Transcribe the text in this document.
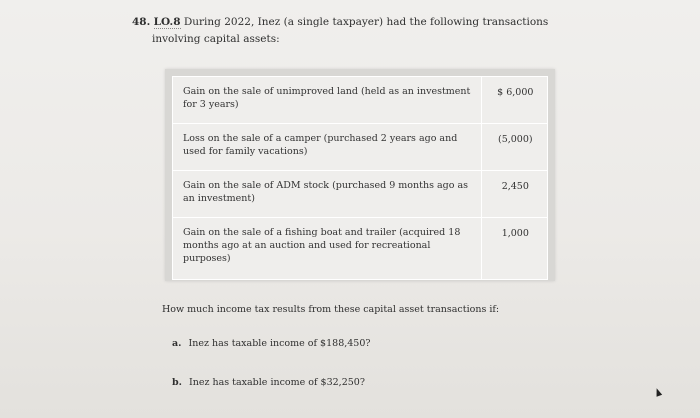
48. LO.8 During 2022, Inez (a single taxpayer) had the following transactions
involving capital assets:
Gain on the sale of unimproved land (held as an investment
for 3 years)	$ 6,000
Loss on the sale of a camper (purchased 2 years ago and
used for family vacations)	(5,000)
Gain on the sale of ADM stock (purchased 9 months ago as
an investment)	2,450
Gain on the sale of a fishing boat and trailer (acquired 18
months ago at an auction and used for recreational
purposes)	1,000
How much income tax results from these capital asset transactions if:
a. Inez has taxable income of $188,450?
b. Inez has taxable income of $32,250?
